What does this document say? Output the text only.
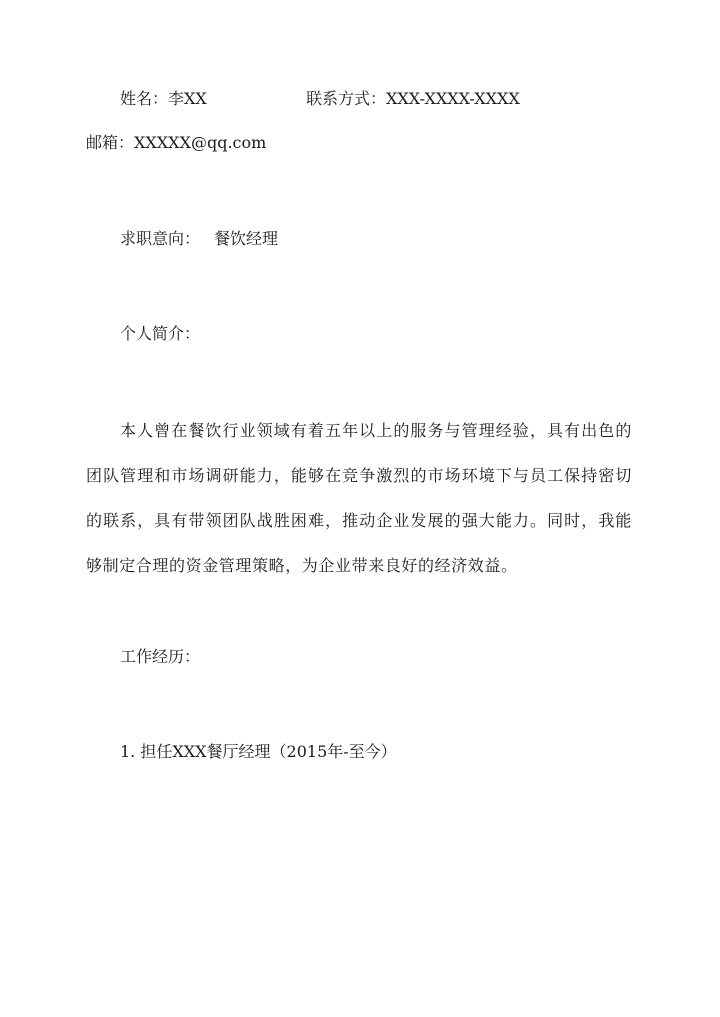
姓名：李XX	联系方式：XXX-XXXX-XXXX
邮箱：XXXXX@qq.com
求职意向： 餐饮经理
个人简介：
本人曾在餐饮行业领域有着五年以上的服务与管理经验，具有出色的团队管理和市场调研能力，能够在竞争激烈的市场环境下与员工保持密切的联系，具有带领团队战胜困难，推动企业发展的强大能力。同时，我能够制定合理的资金管理策略，为企业带来良好的经济效益。
工作经历：
1. 担任XXX餐厅经理（2015年-至今）
